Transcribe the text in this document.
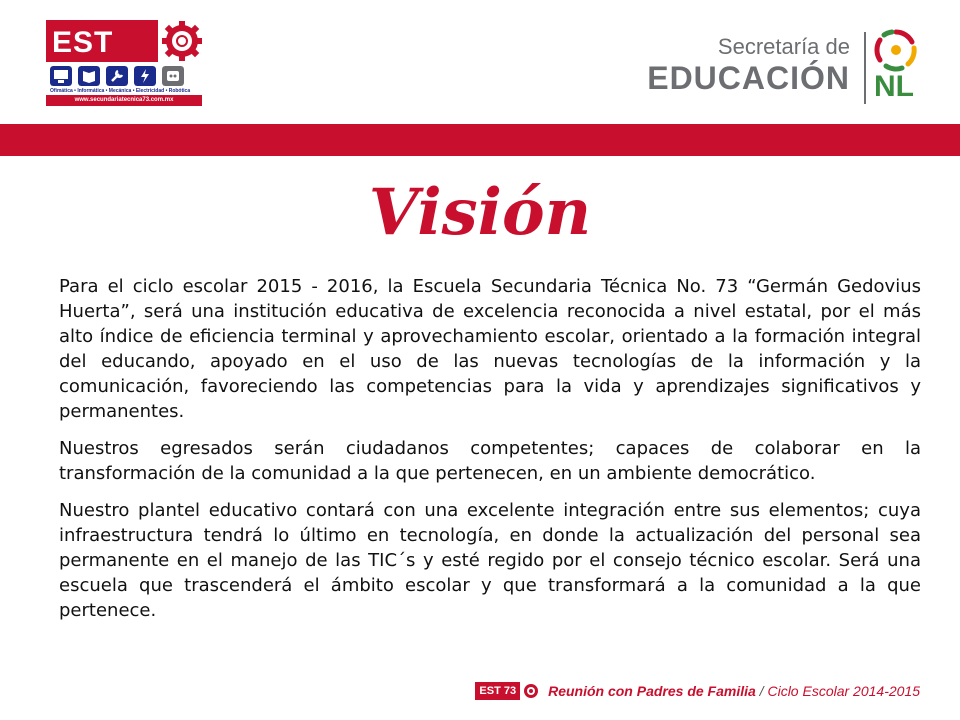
EST
Ofimática • Informática • Mecánica • Electricidad • Robótica
www.secundariatecnica73.com.mx
Secretaría de
EDUCACIÓN NL
Visión

Para el ciclo escolar 2015 - 2016, la Escuela Secundaria Técnica No. 73 “Germán Gedovius Huerta”, será una institución educativa de excelencia reconocida a nivel estatal, por el más alto índice de eficiencia terminal y aprovechamiento escolar, orientado a la formación integral del educando, apoyado en el uso de las nuevas tecnologías de la información y la comunicación, favoreciendo las competencias para la vida y aprendizajes significativos y permanentes.

Nuestros egresados serán ciudadanos competentes; capaces de colaborar en la transformación de la comunidad a la que pertenecen, en un ambiente democrático.

Nuestro plantel educativo contará con una excelente integración entre sus elementos; cuya infraestructura tendrá lo último en tecnología, en donde la actualización del personal sea permanente en el manejo de las TIC´s y esté regido por el consejo técnico escolar. Será una escuela que trascenderá el ámbito escolar y que transformará a la comunidad a la que pertenece.

EST 73 Reunión con Padres de Familia / Ciclo Escolar 2014-2015
